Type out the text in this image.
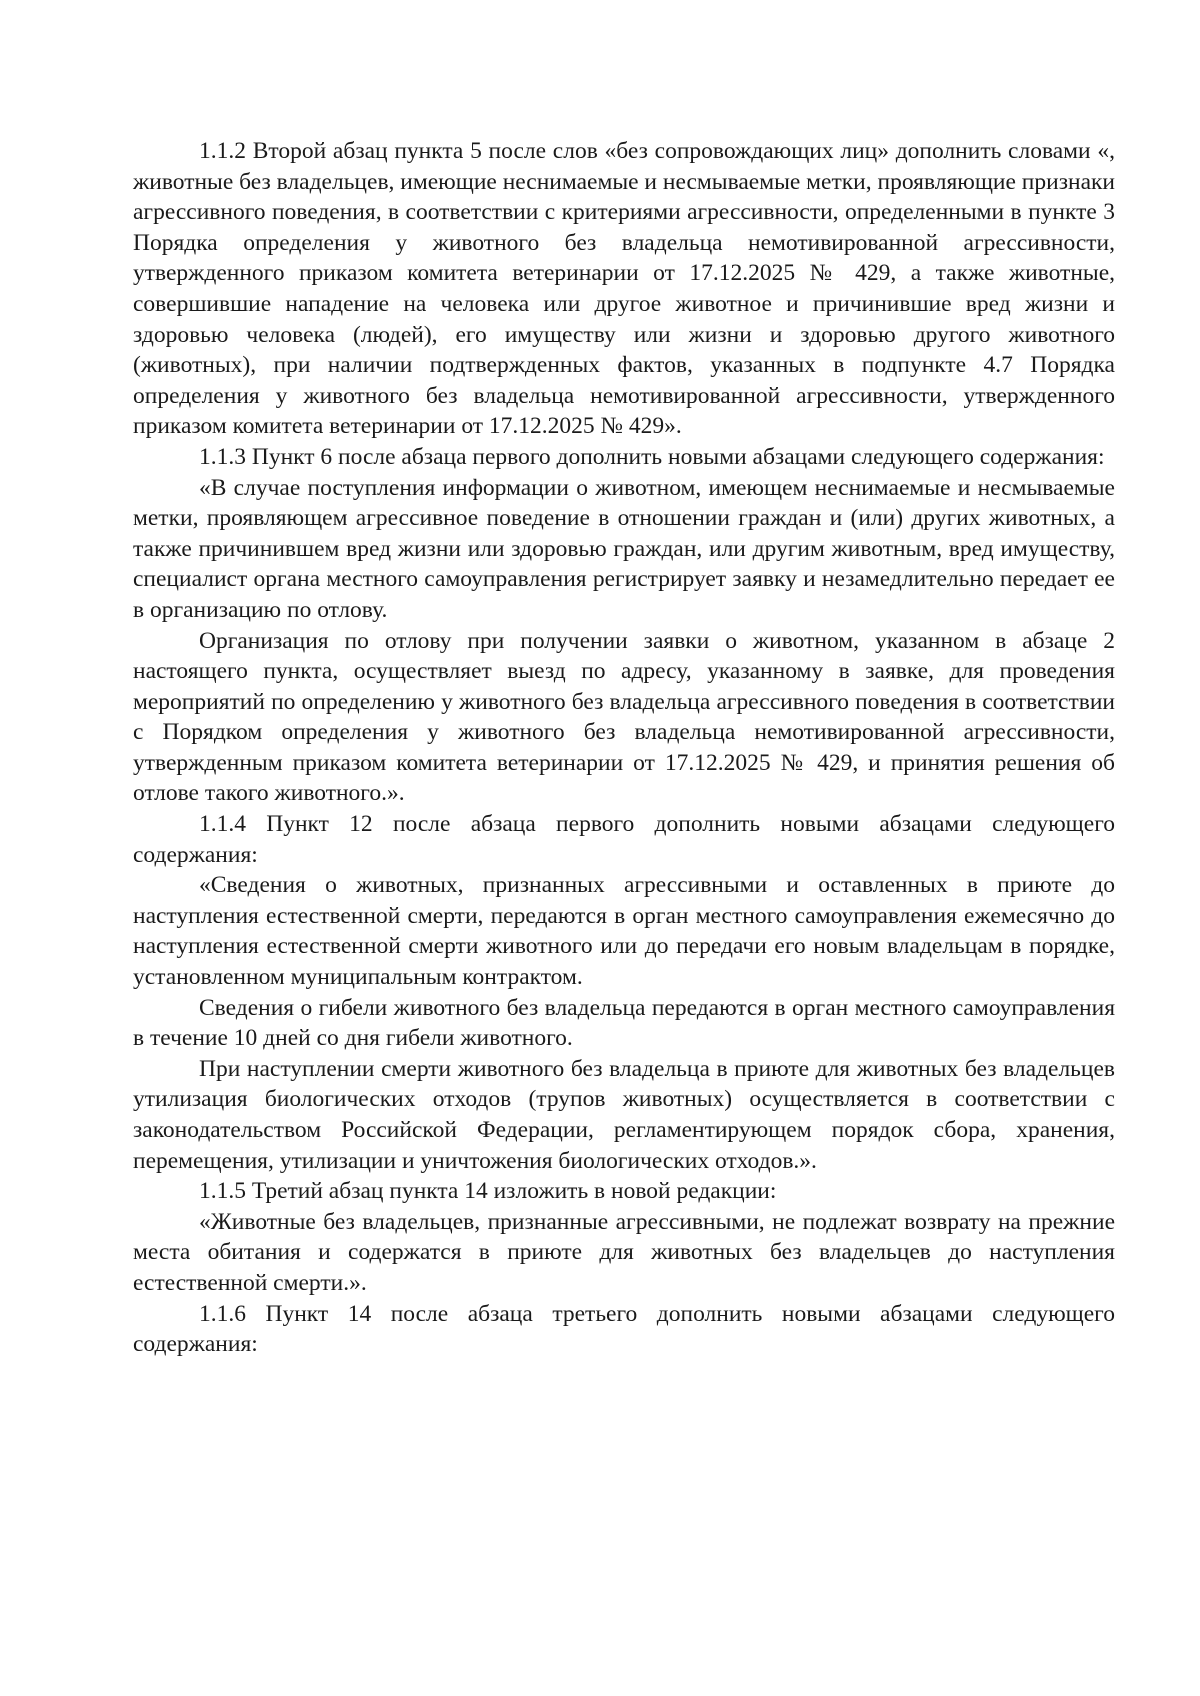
1.1.2 Второй абзац пункта 5 после слов «без сопровождающих лиц» дополнить словами «, животные без владельцев, имеющие неснимаемые и несмываемые метки, проявляющие признаки агрессивного поведения, в соответствии с критериями агрессивности, определенными в пункте 3 Порядка определения у животного без владельца немотивированной агрессивности, утвержденного приказом комитета ветеринарии от 17.12.2025 № 429, а также животные, совершившие нападение на человека или другое животное и причинившие вред жизни и здоровью человека (людей), его имуществу или жизни и здоровью другого животного (животных), при наличии подтвержденных фактов, указанных в подпункте 4.7 Порядка определения у животного без владельца немотивированной агрессивности, утвержденного приказом комитета ветеринарии от 17.12.2025 № 429».

1.1.3 Пункт 6 после абзаца первого дополнить новыми абзацами следующего содержания:

«В случае поступления информации о животном, имеющем неснимаемые и несмываемые метки, проявляющем агрессивное поведение в отношении граждан и (или) других животных, а также причинившем вред жизни или здоровью граждан, или другим животным, вред имуществу, специалист органа местного самоуправления регистрирует заявку и незамедлительно передает ее в организацию по отлову.

Организация по отлову при получении заявки о животном, указанном в абзаце 2 настоящего пункта, осуществляет выезд по адресу, указанному в заявке, для проведения мероприятий по определению у животного без владельца агрессивного поведения в соответствии с Порядком определения у животного без владельца немотивированной агрессивности, утвержденным приказом комитета ветеринарии от 17.12.2025 № 429, и принятия решения об отлове такого животного.».

1.1.4 Пункт 12 после абзаца первого дополнить новыми абзацами следующего содержания:

«Сведения о животных, признанных агрессивными и оставленных в приюте до наступления естественной смерти, передаются в орган местного самоуправления ежемесячно до наступления естественной смерти животного или до передачи его новым владельцам в порядке, установленном муниципальным контрактом.

Сведения о гибели животного без владельца передаются в орган местного самоуправления в течение 10 дней со дня гибели животного.

При наступлении смерти животного без владельца в приюте для животных без владельцев утилизация биологических отходов (трупов животных) осуществляется в соответствии с законодательством Российской Федерации, регламентирующем порядок сбора, хранения, перемещения, утилизации и уничтожения биологических отходов.».

1.1.5 Третий абзац пункта 14 изложить в новой редакции:

«Животные без владельцев, признанные агрессивными, не подлежат возврату на прежние места обитания и содержатся в приюте для животных без владельцев до наступления естественной смерти.».

1.1.6 Пункт 14 после абзаца третьего дополнить новыми абзацами следующего содержания:
